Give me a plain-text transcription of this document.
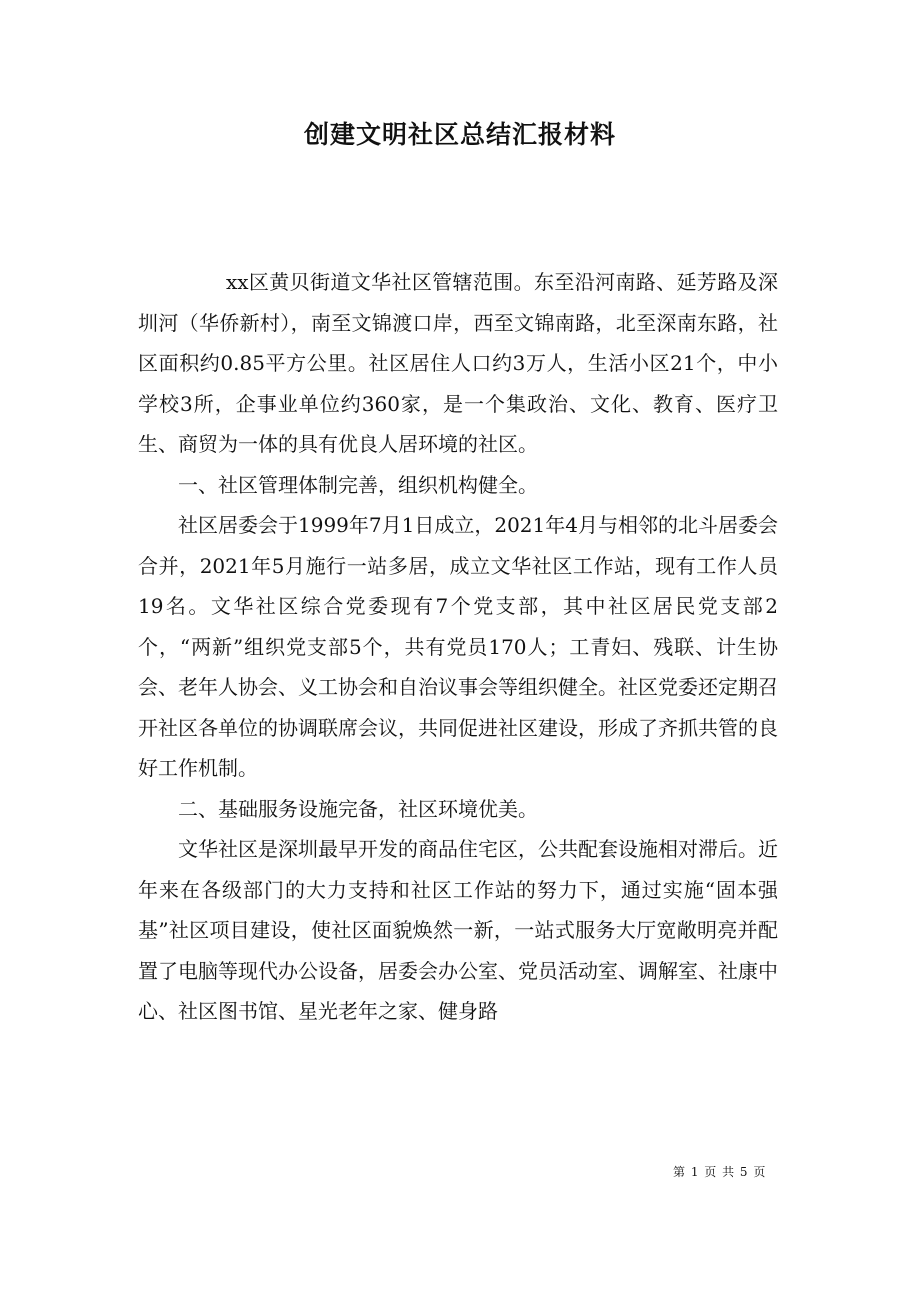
创建文明社区总结汇报材料

xx区黄贝街道文华社区管辖范围。东至沿河南路、延芳路及深圳河（华侨新村），南至文锦渡口岸，西至文锦南路，北至深南东路，社区面积约0.85平方公里。社区居住人口约3万人，生活小区21个，中小学校3所，企事业单位约360家，是一个集政治、文化、教育、医疗卫生、商贸为一体的具有优良人居环境的社区。

一、社区管理体制完善，组织机构健全。

社区居委会于1999年7月1日成立，2021年4月与相邻的北斗居委会合并，2021年5月施行一站多居，成立文华社区工作站，现有工作人员19名。文华社区综合党委现有7个党支部，其中社区居民党支部2个，“两新”组织党支部5个，共有党员170人；工青妇、残联、计生协会、老年人协会、义工协会和自治议事会等组织健全。社区党委还定期召开社区各单位的协调联席会议，共同促进社区建设，形成了齐抓共管的良好工作机制。

二、基础服务设施完备，社区环境优美。

文华社区是深圳最早开发的商品住宅区，公共配套设施相对滞后。近年来在各级部门的大力支持和社区工作站的努力下，通过实施“固本强基”社区项目建设，使社区面貌焕然一新，一站式服务大厅宽敞明亮并配置了电脑等现代办公设备，居委会办公室、党员活动室、调解室、社康中心、社区图书馆、星光老年之家、健身路

第 1 页 共 5 页
